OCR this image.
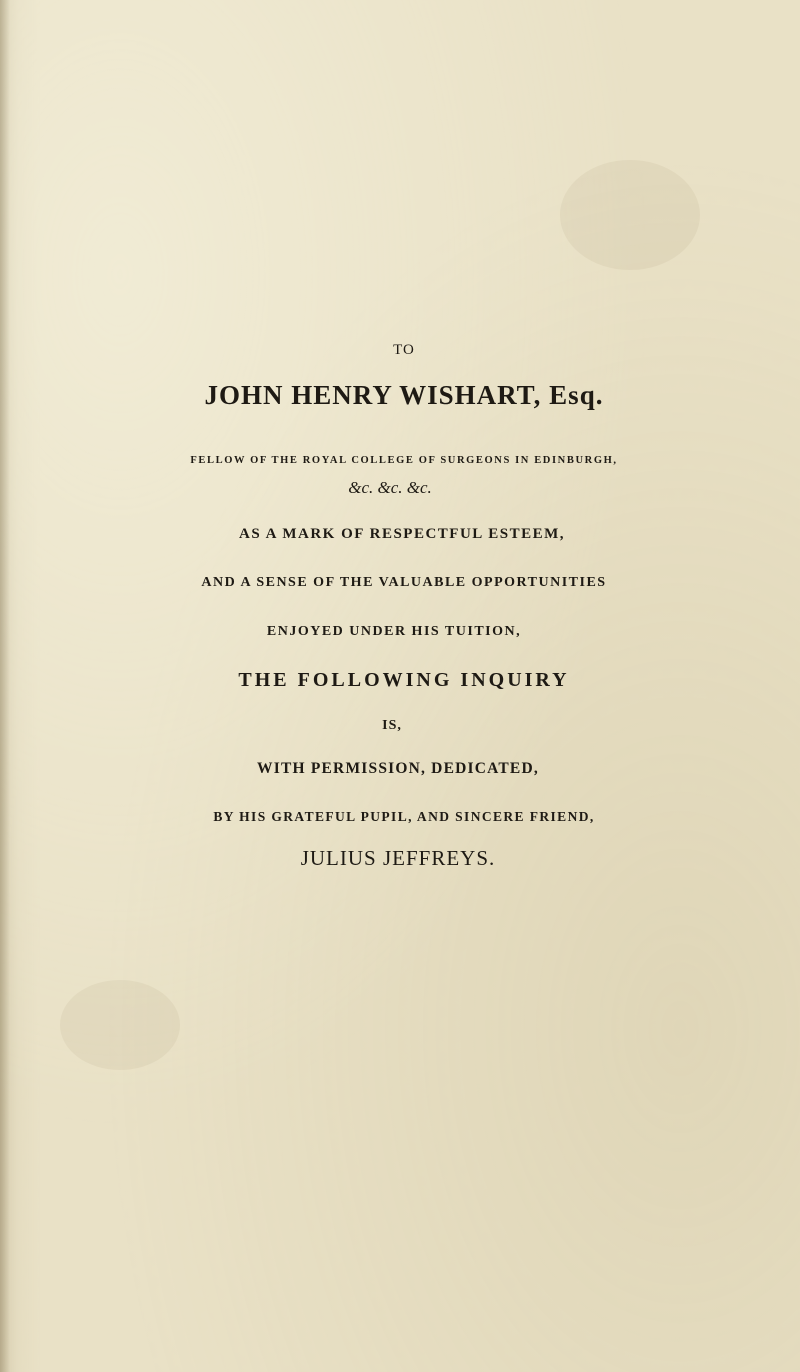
TO
JOHN HENRY WISHART, Esq.
FELLOW OF THE ROYAL COLLEGE OF SURGEONS IN EDINBURGH,
&c. &c. &c.
AS A MARK OF RESPECTFUL ESTEEM,
AND A SENSE OF THE VALUABLE OPPORTUNITIES
ENJOYED UNDER HIS TUITION,
THE FOLLOWING INQUIRY
IS,
WITH PERMISSION, DEDICATED,
BY HIS GRATEFUL PUPIL, AND SINCERE FRIEND,
JULIUS JEFFREYS.
